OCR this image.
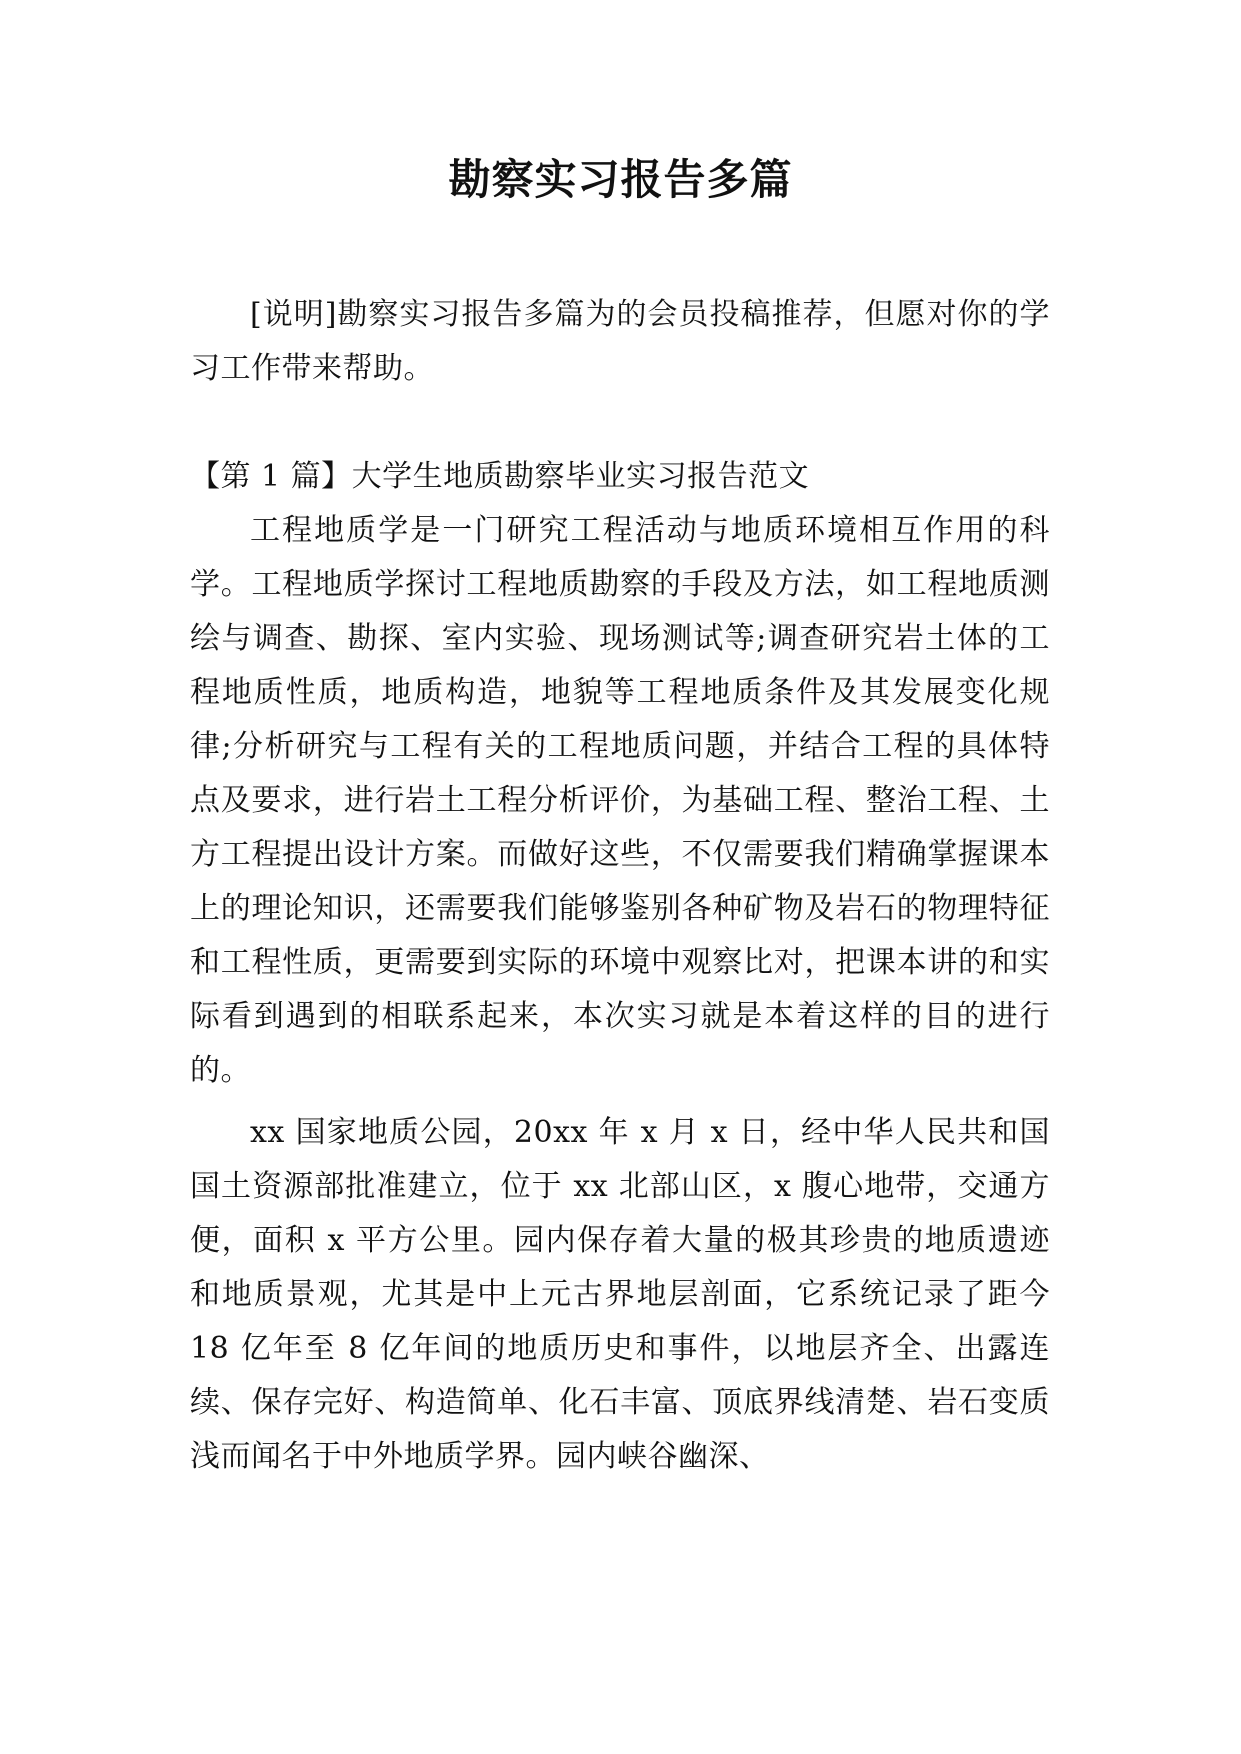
勘察实习报告多篇

[说明]勘察实习报告多篇为的会员投稿推荐，但愿对你的学习工作带来帮助。

【第 1 篇】大学生地质勘察毕业实习报告范文

工程地质学是一门研究工程活动与地质环境相互作用的科学。工程地质学探讨工程地质勘察的手段及方法，如工程地质测绘与调查、勘探、室内实验、现场测试等;调查研究岩土体的工程地质性质，地质构造，地貌等工程地质条件及其发展变化规律;分析研究与工程有关的工程地质问题，并结合工程的具体特点及要求，进行岩土工程分析评价，为基础工程、整治工程、土方工程提出设计方案。而做好这些，不仅需要我们精确掌握课本上的理论知识，还需要我们能够鉴别各种矿物及岩石的物理特征和工程性质，更需要到实际的环境中观察比对，把课本讲的和实际看到遇到的相联系起来，本次实习就是本着这样的目的进行的。

xx 国家地质公园，20xx 年 x 月 x 日，经中华人民共和国国土资源部批准建立，位于 xx 北部山区，x 腹心地带，交通方便，面积 x 平方公里。园内保存着大量的极其珍贵的地质遗迹和地质景观，尤其是中上元古界地层剖面，它系统记录了距今 18 亿年至 8 亿年间的地质历史和事件，以地层齐全、出露连续、保存完好、构造简单、化石丰富、顶底界线清楚、岩石变质浅而闻名于中外地质学界。园内峡谷幽深、
